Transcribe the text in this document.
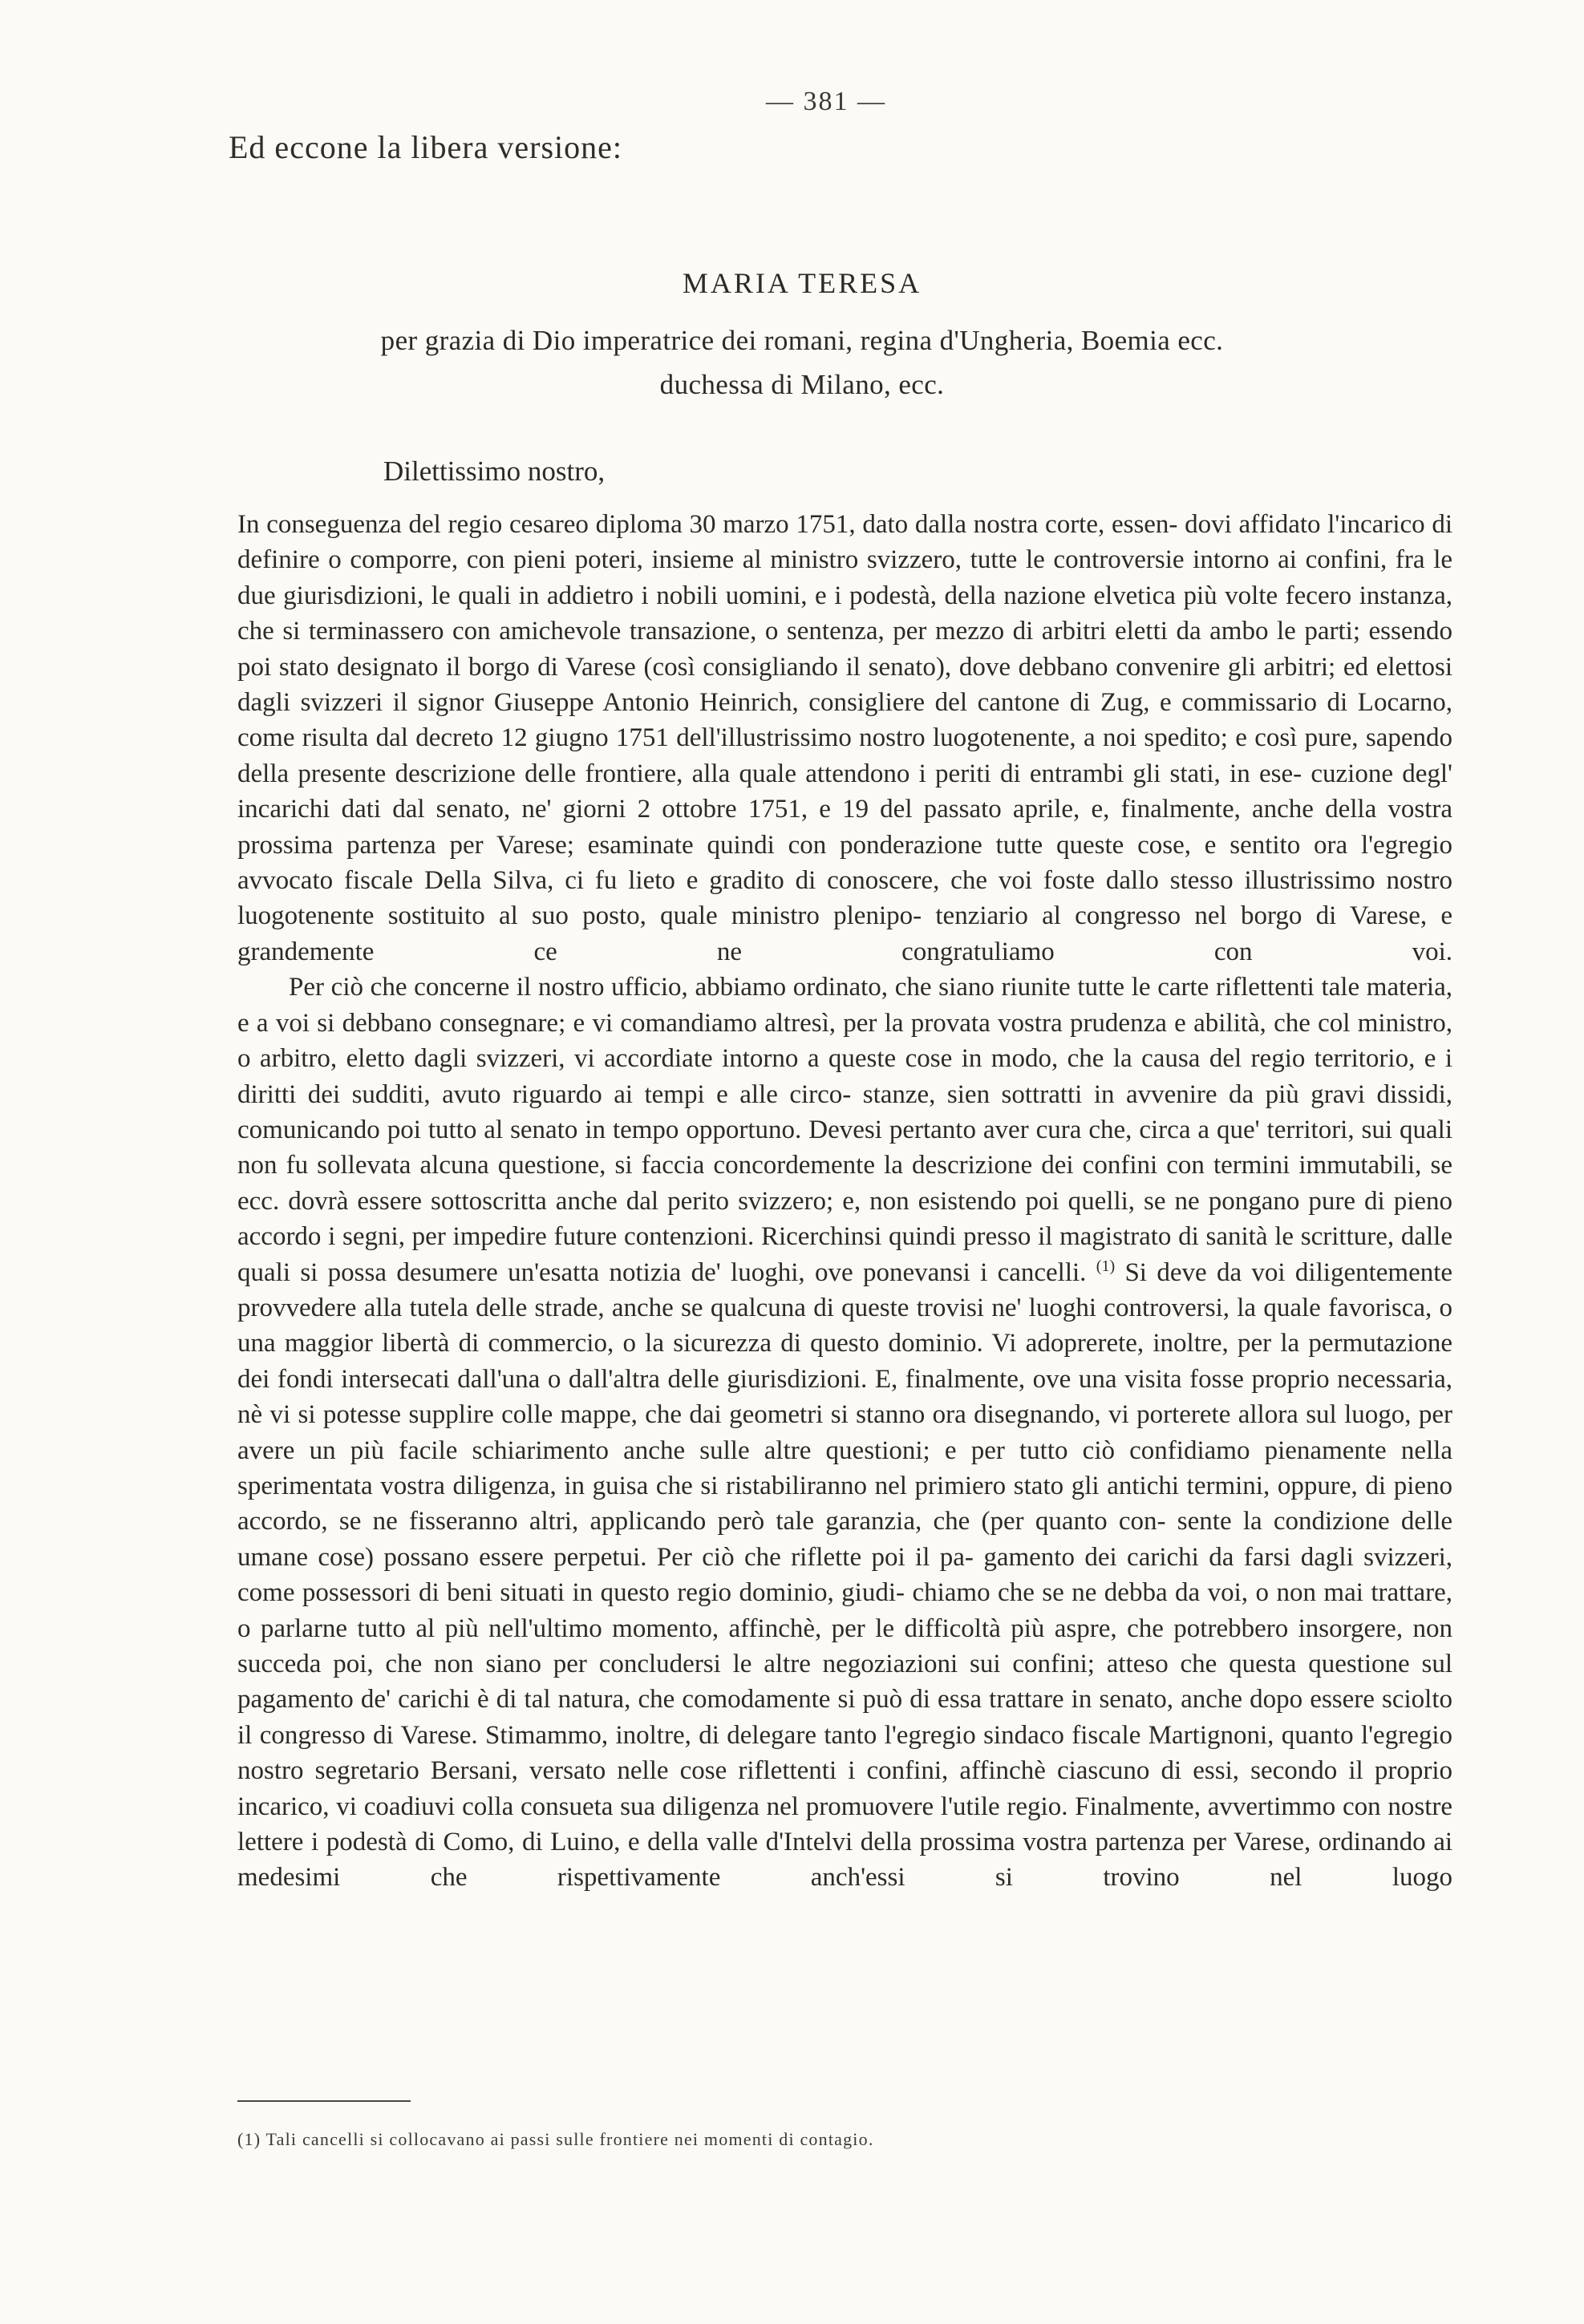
— 381 —
Ed eccone la libera versione:
MARIA TERESA
per grazia di Dio imperatrice dei romani, regina d'Ungheria, Boemia ecc.
duchessa di Milano, ecc.
Dilettissimo nostro,

In conseguenza del regio cesareo diploma 30 marzo 1751, dato dalla nostra corte, essen- dovi affidato l'incarico di definire o comporre, con pieni poteri, insieme al ministro svizzero, tutte le controversie intorno ai confini, fra le due giurisdizioni, le quali in addietro i nobili uomini, e i podestà, della nazione elvetica più volte fecero instanza, che si terminassero con amichevole transazione, o sentenza, per mezzo di arbitri eletti da ambo le parti; essendo poi stato designato il borgo di Varese (così consigliando il senato), dove debbano convenire gli arbitri; ed elettosi dagli svizzeri il signor Giuseppe Antonio Heinrich, consigliere del cantone di Zug, e commissario di Locarno, come risulta dal decreto 12 giugno 1751 dell'illustrissimo nostro luogotenente, a noi spedito; e così pure, sapendo della presente descrizione delle frontiere, alla quale attendono i periti di entrambi gli stati, in ese- cuzione degl' incarichi dati dal senato, ne' giorni 2 ottobre 1751, e 19 del passato aprile, e, finalmente, anche della vostra prossima partenza per Varese; esaminate quindi con ponderazione tutte queste cose, e sentito ora l'egregio avvocato fiscale Della Silva, ci fu lieto e gradito di conoscere, che voi foste dallo stesso illustrissimo nostro luogotenente sostituito al suo posto, quale ministro plenipo- tenziario al congresso nel borgo di Varese, e grandemente ce ne congratuliamo con voi.

Per ciò che concerne il nostro ufficio, abbiamo ordinato, che siano riunite tutte le carte riflettenti tale materia, e a voi si debbano consegnare; e vi comandiamo altresì, per la provata vostra prudenza e abilità, che col ministro, o arbitro, eletto dagli svizzeri, vi accordiate intorno a queste cose in modo, che la causa del regio territorio, e i diritti dei sudditi, avuto riguardo ai tempi e alle circo- stanze, sien sottratti in avvenire da più gravi dissidi, comunicando poi tutto al senato in tempo opportuno. Devesi pertanto aver cura che, circa a que' territori, sui quali non fu sollevata alcuna questione, si faccia concordemente la descrizione dei confini con termini immutabili, se ecc. dovrà essere sottoscritta anche dal perito svizzero; e, non esistendo poi quelli, se ne pongano pure di pieno accordo i segni, per impedire future contenzioni. Ricerchinsi quindi presso il magistrato di sanità le scritture, dalle quali si possa desumere un'esatta notizia de' luoghi, ove ponevansi i cancelli. $^{(1)}$ Si deve da voi diligentemente provvedere alla tutela delle strade, anche se qualcuna di queste trovisi ne' luoghi controversi, la quale favorisca, o una maggior libertà di commercio, o la sicurezza di questo dominio. Vi adoprerete, inoltre, per la permutazione dei fondi intersecati dall'una o dall'altra delle giurisdizioni. E, finalmente, ove una visita fosse proprio necessaria, nè vi si potesse supplire colle mappe, che dai geometri si stanno ora disegnando, vi porterete allora sul luogo, per avere un più facile schiarimento anche sulle altre questioni; e per tutto ciò confidiamo pienamente nella sperimentata vostra diligenza, in guisa che si ristabiliranno nel primiero stato gli antichi termini, oppure, di pieno accordo, se ne fisseranno altri, applicando però tale garanzia, che (per quanto con- sente la condizione delle umane cose) possano essere perpetui. Per ciò che riflette poi il pa- gamento dei carichi da farsi dagli svizzeri, come possessori di beni situati in questo regio dominio, giudi- chiamo che se ne debba da voi, o non mai trattare, o parlarne tutto al più nell'ultimo momento, affinchè, per le difficoltà più aspre, che potrebbero insorgere, non succeda poi, che non siano per concludersi le altre negoziazioni sui confini; atteso che questa questione sul pagamento de' carichi è di tal natura, che comodamente si può di essa trattare in senato, anche dopo essere sciolto il congresso di Varese. Stimammo, inoltre, di delegare tanto l'egregio sindaco fiscale Martignoni, quanto l'egregio nostro segretario Bersani, versato nelle cose riflettenti i confini, affinchè ciascuno di essi, secondo il proprio incarico, vi coadiuvi colla consueta sua diligenza nel promuovere l'utile regio. Finalmente, avvertimmo con nostre lettere i podestà di Como, di Luino, e della valle d'Intelvi della prossima vostra partenza per Varese, ordinando ai medesimi che rispettivamente anch'essi si trovino nel luogo

(1) Tali cancelli si collocavano ai passi sulle frontiere nei momenti di contagio.
